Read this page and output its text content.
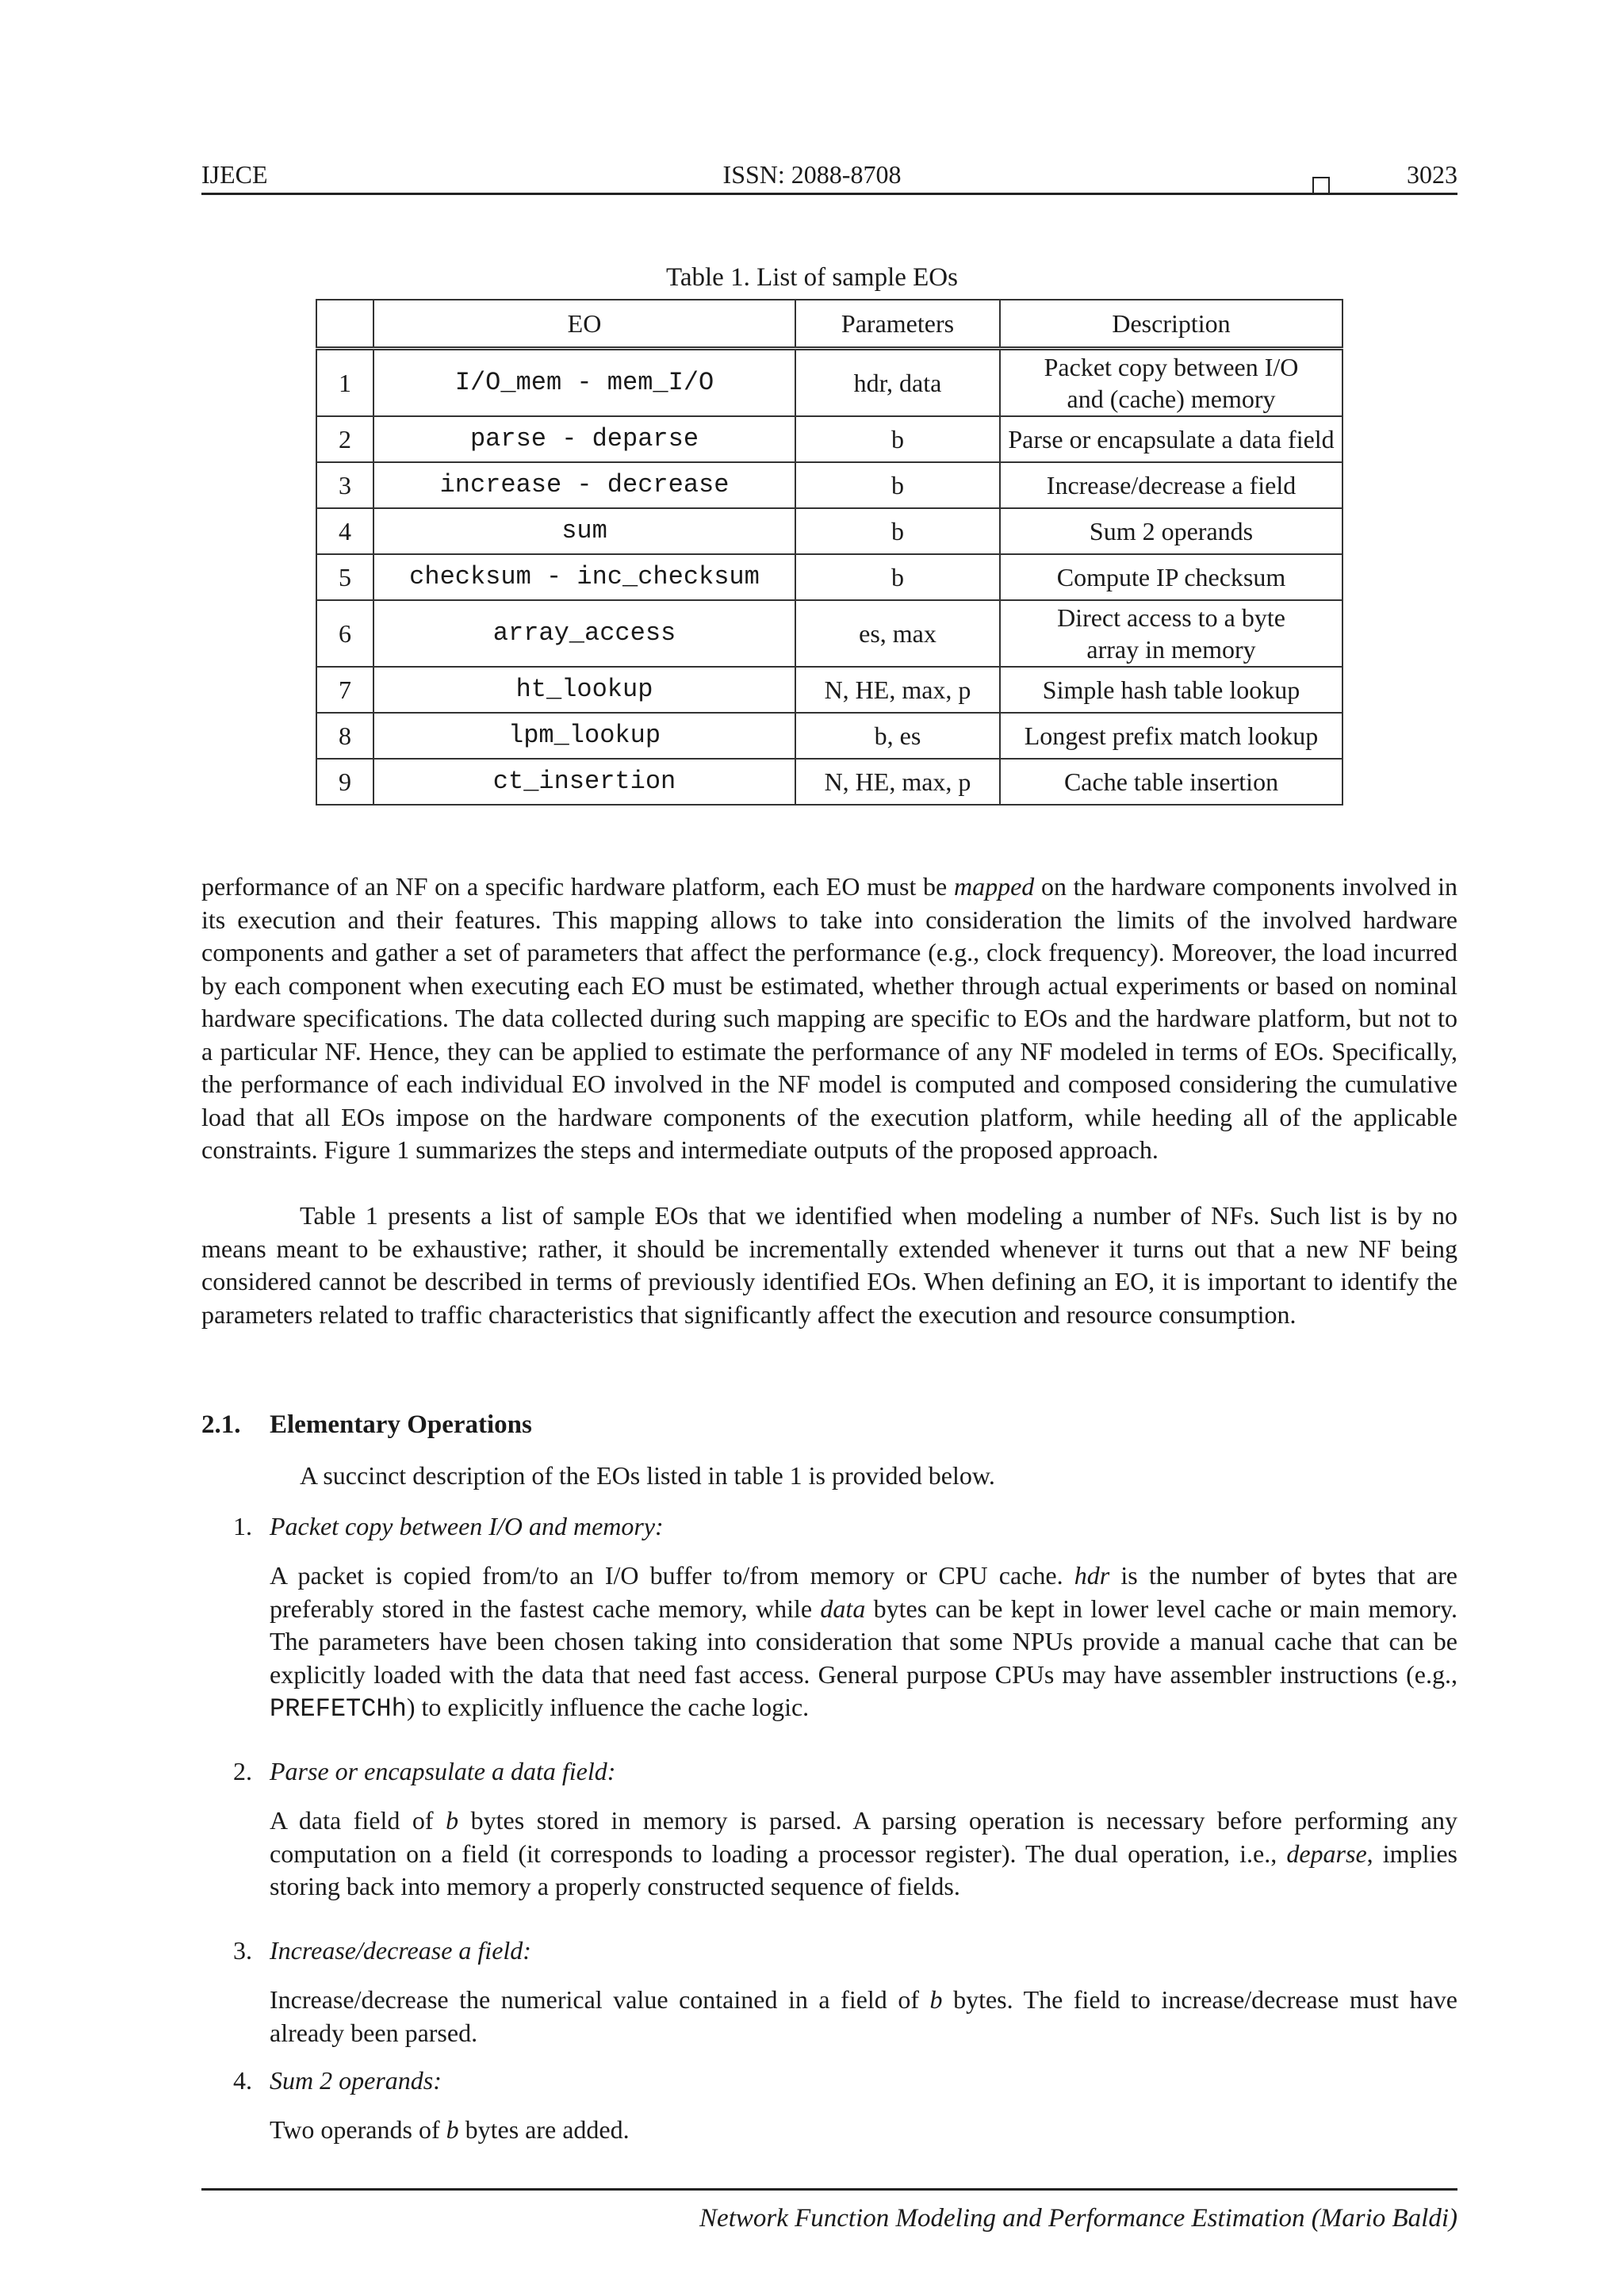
IJECE	ISSN: 2088-8708	3023
Table 1. List of sample EOs
	EO	Parameters	Description
1	I/O_mem - mem_I/O	hdr, data	Packet copy between I/O
and (cache) memory

2	parse - deparse	b	Parse or encapsulate a data field
3	increase - decrease	b	Increase/decrease a field
4	sum	b	Sum 2 operands
5	checksum - inc_checksum	b	Compute IP checksum
6	array_access	es, max	Direct access to a byte
array in memory

7	ht_lookup	N, HE, max, p	Simple hash table lookup
8	lpm_lookup	b, es	Longest prefix match lookup
9	ct_insertion	N, HE, max, p	Cache table insertion

performance of an NF on a specific hardware platform, each EO must be mapped on the hardware components involved in its execution and their features. This mapping allows to take into consideration the limits of the involved hardware components and gather a set of parameters that affect the performance (e.g., clock frequency). Moreover, the load incurred by each component when executing each EO must be estimated, whether through actual experiments or based on nominal hardware specifications. The data collected during such mapping are specific to EOs and the hardware platform, but not to a particular NF. Hence, they can be applied to estimate the performance of any NF modeled in terms of EOs. Specifically, the performance of each individual EO involved in the NF model is computed and composed considering the cumulative load that all EOs impose on the hardware components of the execution platform, while heeding all of the applicable constraints. Figure 1 summarizes the steps and intermediate outputs of the proposed approach.

Table 1 presents a list of sample EOs that we identified when modeling a number of NFs. Such list is by no means meant to be exhaustive; rather, it should be incrementally extended whenever it turns out that a new NF being considered cannot be described in terms of previously identified EOs. When defining an EO, it is important to identify the parameters related to traffic characteristics that significantly affect the execution and resource consumption.

2.1. Elementary Operations
A succinct description of the EOs listed in table 1 is provided below.
1. Packet copy between I/O and memory:
A packet is copied from/to an I/O buffer to/from memory or CPU cache. hdr is the number of bytes that are preferably stored in the fastest cache memory, while data bytes can be kept in lower level cache or main memory. The parameters have been chosen taking into consideration that some NPUs provide a manual cache that can be explicitly loaded with the data that need fast access. General purpose CPUs may have assembler instructions (e.g., PREFETCHh) to explicitly influence the cache logic.
2. Parse or encapsulate a data field:
A data field of b bytes stored in memory is parsed. A parsing operation is necessary before performing any computation on a field (it corresponds to loading a processor register). The dual operation, i.e., deparse, implies storing back into memory a properly constructed sequence of fields.
3. Increase/decrease a field:
Increase/decrease the numerical value contained in a field of b bytes. The field to increase/decrease must have already been parsed.
4. Sum 2 operands:
Two operands of b bytes are added.
Network Function Modeling and Performance Estimation (Mario Baldi)
